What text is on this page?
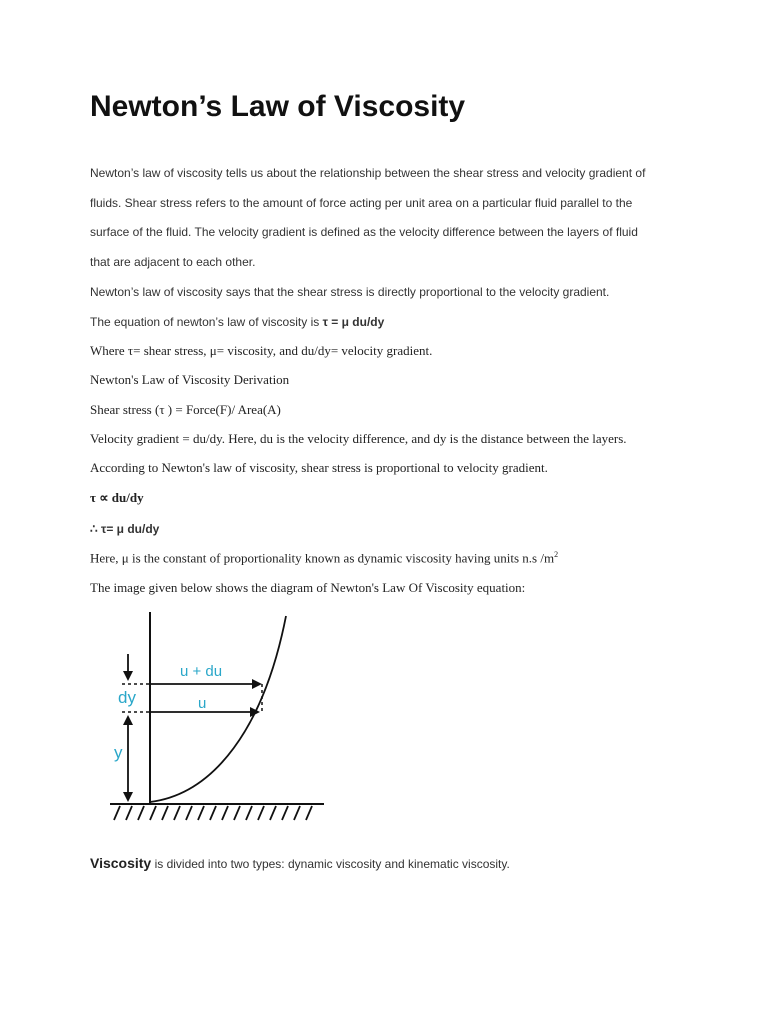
Newton’s Law of Viscosity
Newton’s law of viscosity tells us about the relationship between the shear stress and velocity gradient of
fluids. Shear stress refers to the amount of force acting per unit area on a particular fluid parallel to the
surface of the fluid. The velocity gradient is defined as the velocity difference between the layers of fluid
that are adjacent to each other.
Newton’s law of viscosity says that the shear stress is directly proportional to the velocity gradient.
The equation of newton’s law of viscosity is τ = μ du/dy
Where τ= shear stress, μ= viscosity, and du/dy= velocity gradient.
Newton's Law of Viscosity Derivation
Shear stress (τ ) = Force(F)/ Area(A)
Velocity gradient = du/dy. Here, du is the velocity difference, and dy is the distance between the layers.
According to Newton's law of viscosity, shear stress is proportional to velocity gradient.
τ ∝ du/dy
∴ τ= μ du/dy
Here, μ is the constant of proportionality known as dynamic viscosity having units n.s $/m^2$
The image given below shows the diagram of Newton's Law Of Viscosity equation:
u + du
u
dy
y
Viscosity is divided into two types: dynamic viscosity and kinematic viscosity.
